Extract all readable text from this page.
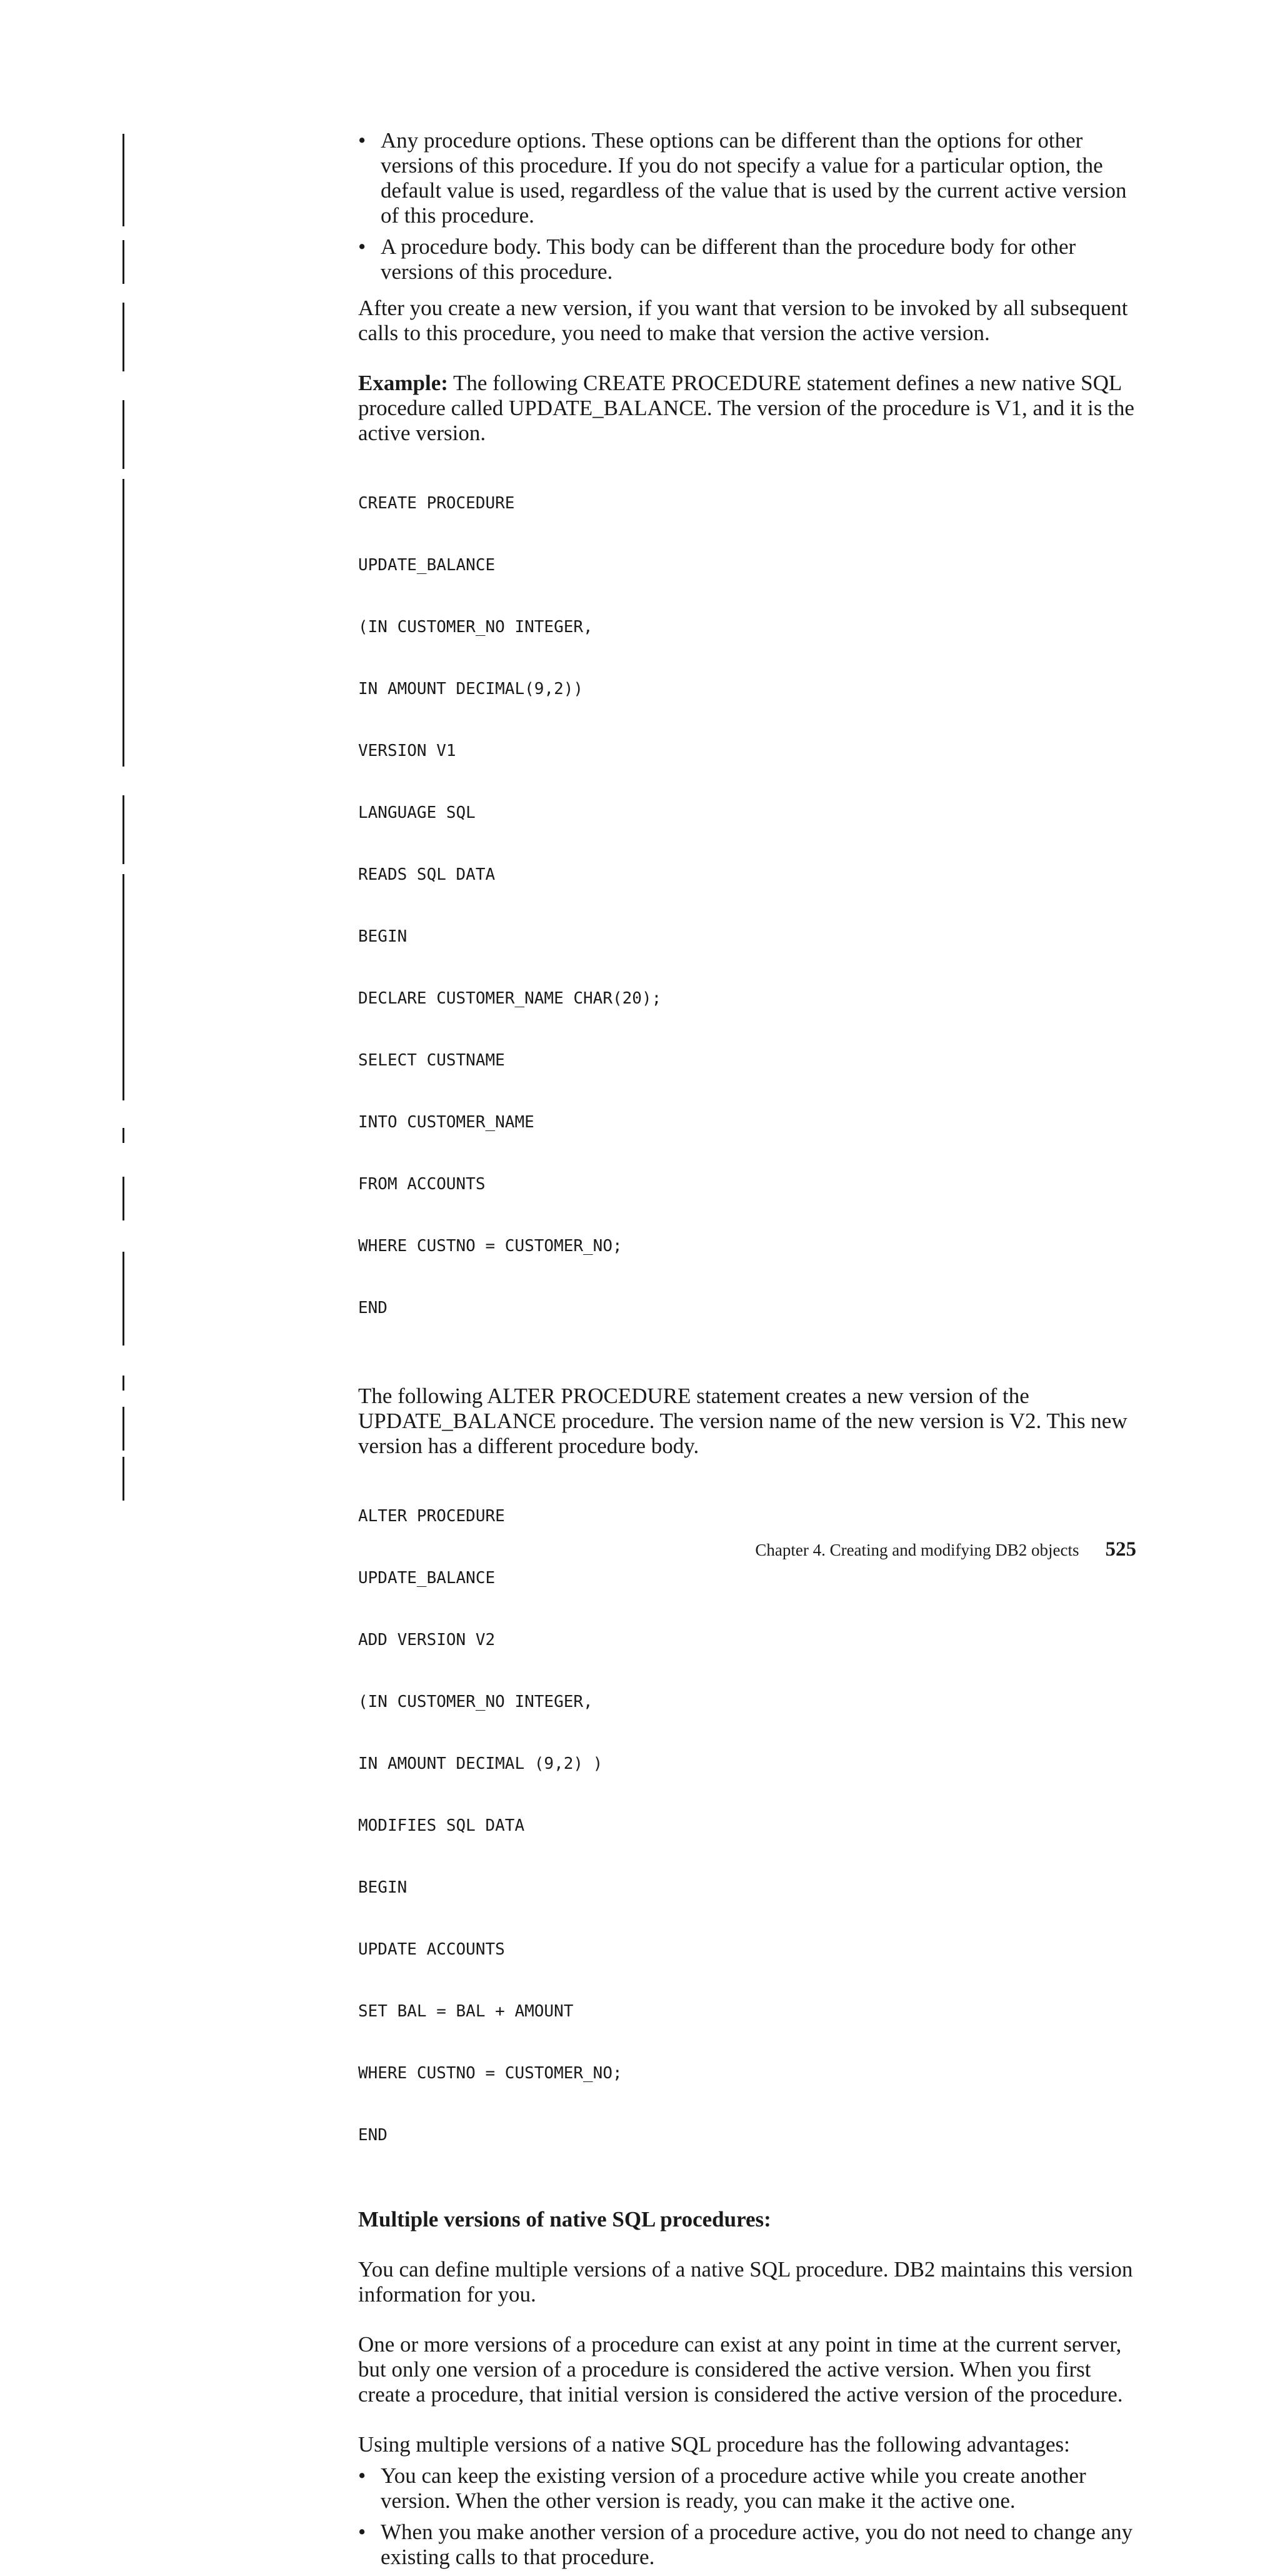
• Any procedure options. These options can be different than the options for other versions of this procedure. If you do not specify a value for a particular option, the default value is used, regardless of the value that is used by the current active version of this procedure.
• A procedure body. This body can be different than the procedure body for other versions of this procedure.

After you create a new version, if you want that version to be invoked by all subsequent calls to this procedure, you need to make that version the active version.

Example: The following CREATE PROCEDURE statement defines a new native SQL procedure called UPDATE_BALANCE. The version of the procedure is V1, and it is the active version.

CREATE PROCEDURE

UPDATE_BALANCE

(IN CUSTOMER_NO INTEGER,

IN AMOUNT DECIMAL(9,2))

VERSION V1

LANGUAGE SQL

READS SQL DATA

BEGIN

DECLARE CUSTOMER_NAME CHAR(20);

SELECT CUSTNAME

INTO CUSTOMER_NAME

FROM ACCOUNTS

WHERE CUSTNO = CUSTOMER_NO;

END

The following ALTER PROCEDURE statement creates a new version of the UPDATE_BALANCE procedure. The version name of the new version is V2. This new version has a different procedure body.

ALTER PROCEDURE

UPDATE_BALANCE

ADD VERSION V2

(IN CUSTOMER_NO INTEGER,

IN AMOUNT DECIMAL (9,2) )

MODIFIES SQL DATA

BEGIN

UPDATE ACCOUNTS

SET BAL = BAL + AMOUNT

WHERE CUSTNO = CUSTOMER_NO;

END

Multiple versions of native SQL procedures:

You can define multiple versions of a native SQL procedure. DB2 maintains this version information for you.

One or more versions of a procedure can exist at any point in time at the current server, but only one version of a procedure is considered the active version. When you first create a procedure, that initial version is considered the active version of the procedure.

Using multiple versions of a native SQL procedure has the following advantages:

• You can keep the existing version of a procedure active while you create another version. When the other version is ready, you can make it the active one.
• When you make another version of a procedure active, you do not need to change any existing calls to that procedure.
Chapter 4. Creating and modifying DB2 objects 525
